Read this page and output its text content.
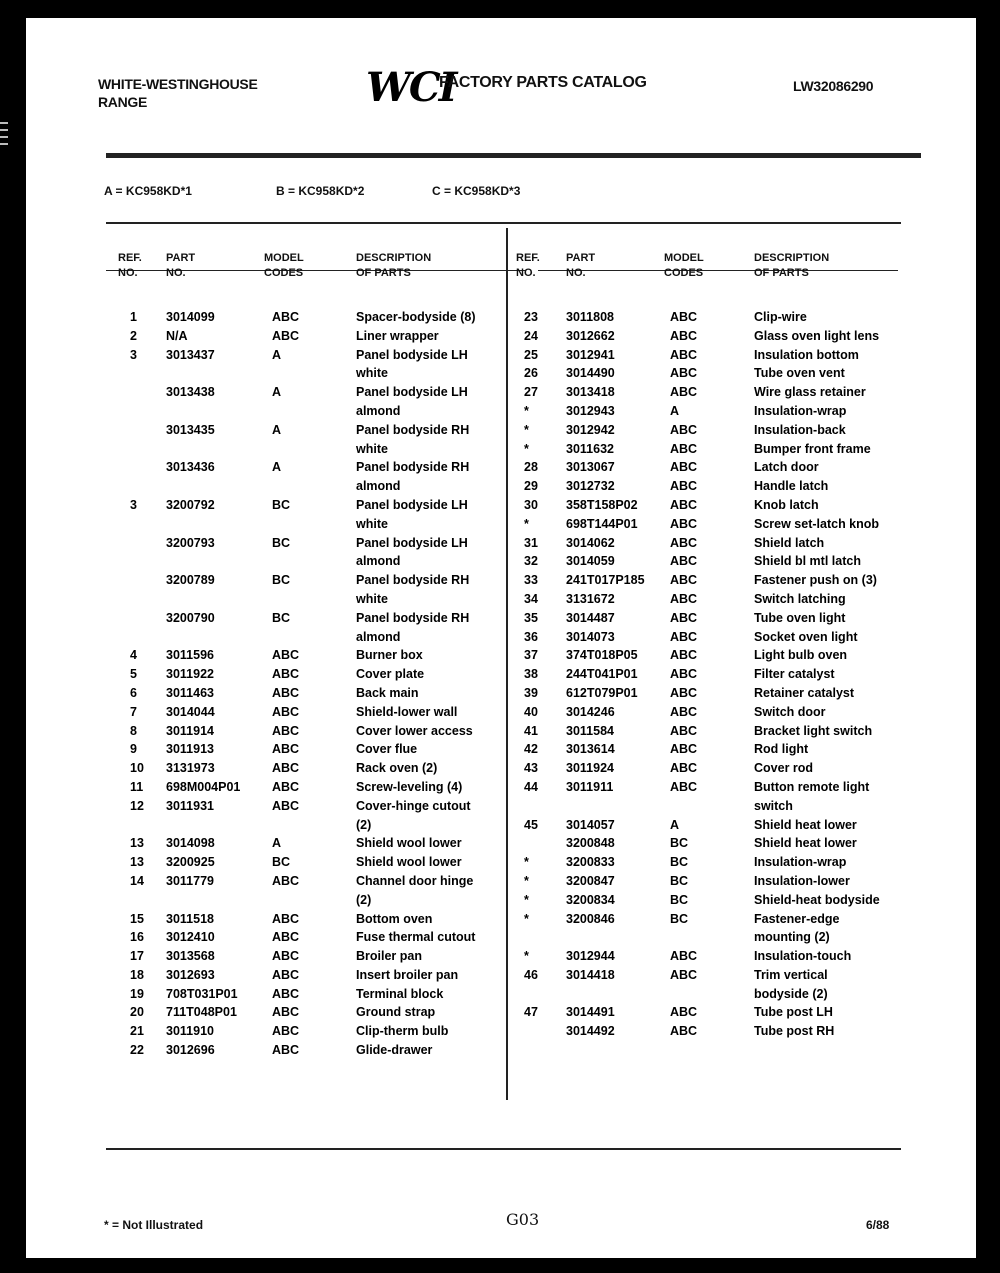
WHITE-WESTINGHOUSE
RANGE	WCI
FACTORY PARTS CATALOG	LW32086290
A = KC958KD*1	B = KC958KD*2	C = KC958KD*3
REF.
NO.
PART
NO.
MODEL
CODES
DESCRIPTION
OF PARTS
REF.
NO.
PART
NO.
MODEL
CODES
DESCRIPTION
OF PARTS
1 3014099	ABC	Spacer-bodyside (8)
2 N/A	ABC	Liner wrapper
3 3013437	A	Panel bodyside LH
white
3013438	A	Panel bodyside LH
almond
3013435	A	Panel bodyside RH
white
3013436	A	Panel bodyside RH
almond
3 3200792	BC	Panel bodyside LH
white
3200793	BC	Panel bodyside LH
almond
3200789	BC	Panel bodyside RH
white
3200790	BC	Panel bodyside RH
almond
4 3011596	ABC	Burner box
5 3011922	ABC	Cover plate
6 3011463	ABC	Back main
7 3014044	ABC	Shield-lower wall
8 3011914	ABC	Cover lower access
9 3011913	ABC	Cover flue
10 3131973	ABC	Rack oven (2)
11 698M004P01	ABC	Screw-leveling (4)
12 3011931	ABC	Cover-hinge cutout
(2)
13 3014098	A	Shield wool lower
13 3200925	BC	Shield wool lower
14 3011779	ABC	Channel door hinge
(2)
15 3011518	ABC	Bottom oven
16 3012410	ABC	Fuse thermal cutout
17 3013568	ABC	Broiler pan
18 3012693	ABC	Insert broiler pan
19 708T031P01	ABC	Terminal block
20 711T048P01	ABC	Ground strap
21 3011910	ABC	Clip-therm bulb
22 3012696	ABC	Glide-drawer
23 3011808	ABC	Clip-wire
24 3012662	ABC	Glass oven light lens
25 3012941	ABC	Insulation bottom
26 3014490	ABC	Tube oven vent
27 3013418	ABC	Wire glass retainer
*	3012943	A	Insulation-wrap
*	3012942	ABC	Insulation-back
*	3011632	ABC	Bumper front frame
28 3013067	ABC	Latch door
29 3012732	ABC	Handle latch
30 358T158P02	ABC	Knob latch
*	698T144P01	ABC	Screw set-latch knob
31 3014062	ABC	Shield latch
32 3014059	ABC	Shield bl mtl latch
33 241T017P185 ABC	Fastener push on (3)
34 3131672	ABC	Switch latching
35 3014487	ABC	Tube oven light
36 3014073	ABC	Socket oven light
37 374T018P05	ABC	Light bulb oven
38 244T041P01	ABC	Filter catalyst
39 612T079P01	ABC	Retainer catalyst
40 3014246	ABC	Switch door
41 3011584	ABC	Bracket light switch
42 3013614	ABC	Rod light
43 3011924	ABC	Cover rod
44 3011911	ABC	Button remote light
switch
45 3014057	A	Shield heat lower
3200848	BC	Shield heat lower
*	3200833	BC	Insulation-wrap
*	3200847	BC	Insulation-lower
*	3200834	BC	Shield-heat bodyside
*	3200846	BC	Fastener-edge
mounting (2)
*	3012944	ABC	Insulation-touch
46 3014418	ABC	Trim vertical
bodyside (2)
47 3014491	ABC	Tube post LH
3014492	ABC	Tube post RH
* = Not Illustrated	G03	6/88
